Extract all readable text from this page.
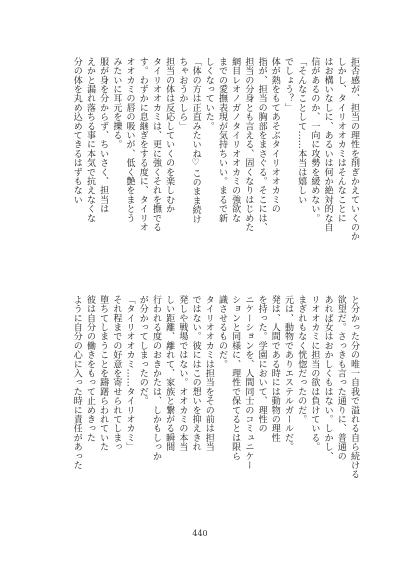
拒否感が、担当の理性を削ぎかえていくのか
しかし、タイリオオカミはそんなことに
はお構いなしに、あるいは何か絶対的な自
信があるのか、一向に攻勢を緩めない。
「そんなことして……本当は嬉しい
でしょう？」
体が熱をもてあそぶタイリオオカミの
指が、担当の胸部をまさぐる。そこには、
担当の分身とも言える、固くなりはじめた
網目レオノガノタイリオオカミの強欲な
までの愛撫表現が気持ちいい。まるで新
しくなっていた。
「体の方は正直みたいね♡このまま続け
ちゃおうかしら」
担当の体は反応していくのを楽しむか
タイリオオカミは、更に強くそれを撫でる
す。わずかに息継ぎをする度に、タイリオ
オオカミの唇の吸いが、低く艶をまとう
みたいに耳元を擽る。
服が身を分からず、ちいさく、担当は
えかと漏れ落ちる事に本気で抗えなくな
分の体を丸め込めてきるはずもない
と分かった分の唯一自我で溢れる自ら続ける
欲望だ。さっきも言った通りに、普通の
あれば女はおかしくもはない。しかし、
リオオカミに担当の欲は負けている。
まぎれもなく恍惚だったのだ。
元は、動物でありエステルガールだ。
発は、人間である時には動物の理性
を持った。学園において、理性の
ニケーションを、人間同士のコミュニケー
ションと同様に、理性で保てるとは限ら
識させるものだ。
タイリオオカミは担当をその前は担当
ではない。彼にはこの想いを抑えきれ
発しや戦場ではない。オオカミの本当
しい距離、離れて、家族と繋がる瞬間
行われる度のおきかたは、しかもしっか
が分かってしまったのだ。
「タイリオオカミ……タイリオカミ」
それ程までの好意を寄せられてしまっ
堕ちてしまうことを躊躇らわれていた
彼は自分の働きをもって止めきった
ように自分の心に入った時に責任があった
440
